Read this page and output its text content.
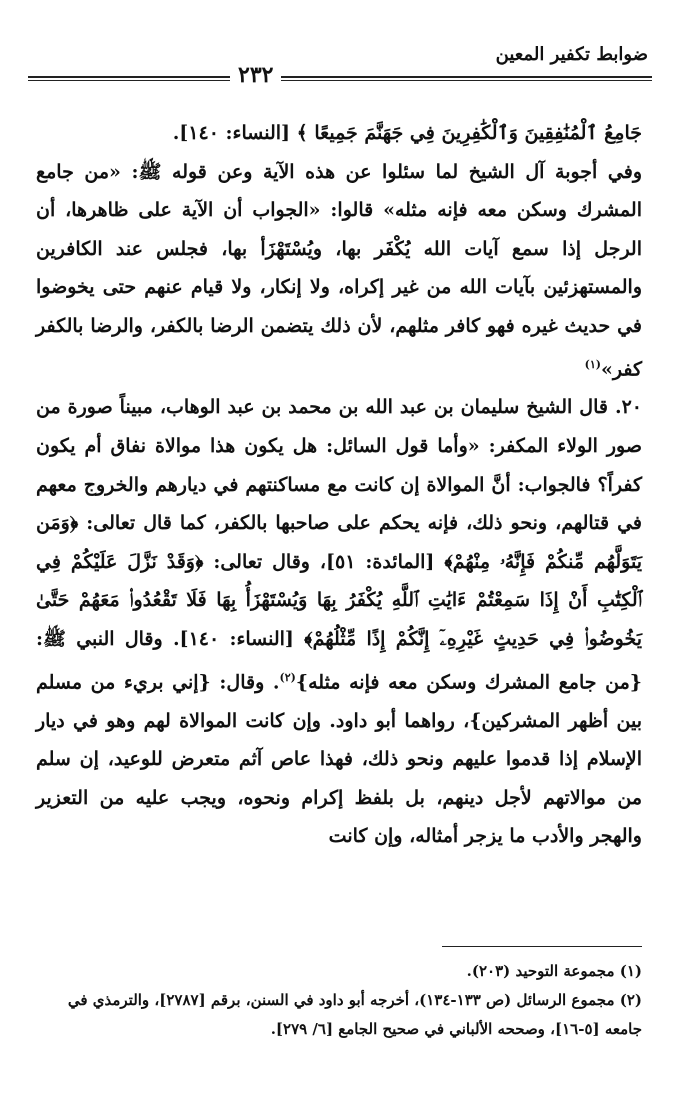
ضوابط تكفير المعين
٢٣٢

جَامِعُ ٱلْمُنَٰفِقِينَ وَٱلْكَٰفِرِينَ فِي جَهَنَّمَ جَمِيعًا ﴾ [النساء: ١٤٠].

وفي أجوبة آل الشيخ لما سئلوا عن هذه الآية وعن قوله ﷺ: «من جامع المشرك وسكن معه فإنه مثله» قالوا: «الجواب أن الآية على ظاهرها، أن الرجل إذا سمع آيات الله يُكْفَر بها، ويُسْتَهْزَأ بها، فجلس عند الكافرين والمستهزئين بآيات الله من غير إكراه، ولا إنكار، ولا قيام عنهم حتى يخوضوا في حديث غيره فهو كافر مثلهم، لأن ذلك يتضمن الرضا بالكفر، والرضا بالكفر كفر»$^{(١)}$

٢٠. قال الشيخ سليمان بن عبد الله بن محمد بن عبد الوهاب، مبيناً صورة من صور الولاء المكفر: «وأما قول السائل: هل يكون هذا موالاة نفاق أم يكون كفراً؟ فالجواب: أنَّ الموالاة إن كانت مع مساكنتهم في ديارهم والخروج معهم في قتالهم، ونحو ذلك، فإنه يحكم على صاحبها بالكفر، كما قال تعالى: ﴿وَمَن يَتَوَلَّهُم مِّنكُمْ فَإِنَّهُۥ مِنْهُمْ﴾ [المائدة: ٥١]، وقال تعالى: ﴿وَقَدْ نَزَّلَ عَلَيْكُمْ فِي ٱلْكِتَٰبِ أَنْ إِذَا سَمِعْتُمْ ءَايَٰتِ ٱللَّهِ يُكْفَرُ بِهَا وَيُسْتَهْزَأُ بِهَا فَلَا تَقْعُدُوا۟ مَعَهُمْ حَتَّىٰ يَخُوضُوا۟ فِي حَدِيثٍ غَيْرِهِۦٓ إِنَّكُمْ إِذًا مِّثْلُهُمْ﴾ [النساء: ١٤٠]. وقال النبي ﷺ: {من جامع المشرك وسكن معه فإنه مثله}$^{(٢)}$. وقال: {إني بريء من مسلم بين أظهر المشركين}، رواهما أبو داود. وإن كانت الموالاة لهم وهو في ديار الإسلام إذا قدموا عليهم ونحو ذلك، فهذا عاص آثم متعرض للوعيد، إن سلم من موالاتهم لأجل دينهم، بل بلفظ إكرام ونحوه، ويجب عليه من التعزير والهجر والأدب ما يزجر أمثاله، وإن كانت

(١) مجموعة التوحيد (٢٠٣).

(٢) مجموع الرسائل (ص ١٣٣-١٣٤)، أخرجه أبو داود في السنن، برقم [٢٧٨٧]، والترمذي في جامعه [٥-١٦]، وصححه الألباني في صحيح الجامع [٦/ ٢٧٩].
